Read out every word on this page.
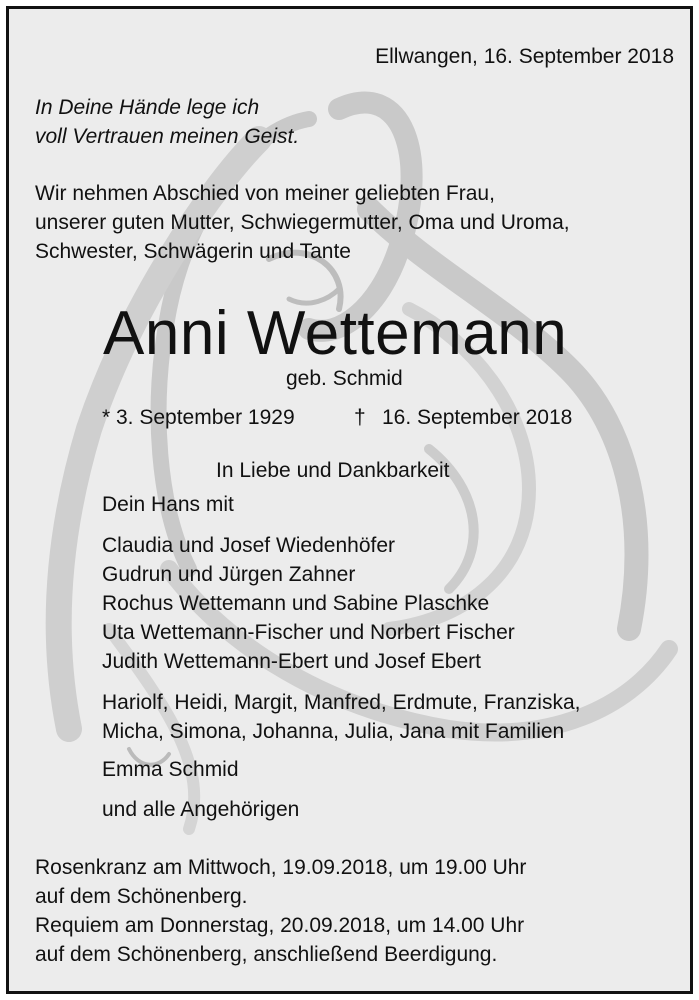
Ellwangen, 16. September 2018

In Deine Hände lege ich

voll Vertrauen meinen Geist.

Wir nehmen Abschied von meiner geliebten Frau,

unserer guten Mutter, Schwiegermutter, Oma und Uroma,

Schwester, Schwägerin und Tante

Anni Wettemann

geb. Schmid

* 3. September 1929	† 16. September 2018

In Liebe und Dankbarkeit

Dein Hans mit

Claudia und Josef Wiedenhöfer

Gudrun und Jürgen Zahner

Rochus Wettemann und Sabine Plaschke

Uta Wettemann-Fischer und Norbert Fischer

Judith Wettemann-Ebert und Josef Ebert

Hariolf, Heidi, Margit, Manfred, Erdmute, Franziska,

Micha, Simona, Johanna, Julia, Jana mit Familien

Emma Schmid

und alle Angehörigen

Rosenkranz am Mittwoch, 19.09.2018, um 19.00 Uhr

auf dem Schönenberg.

Requiem am Donnerstag, 20.09.2018, um 14.00 Uhr

auf dem Schönenberg, anschließend Beerdigung.
